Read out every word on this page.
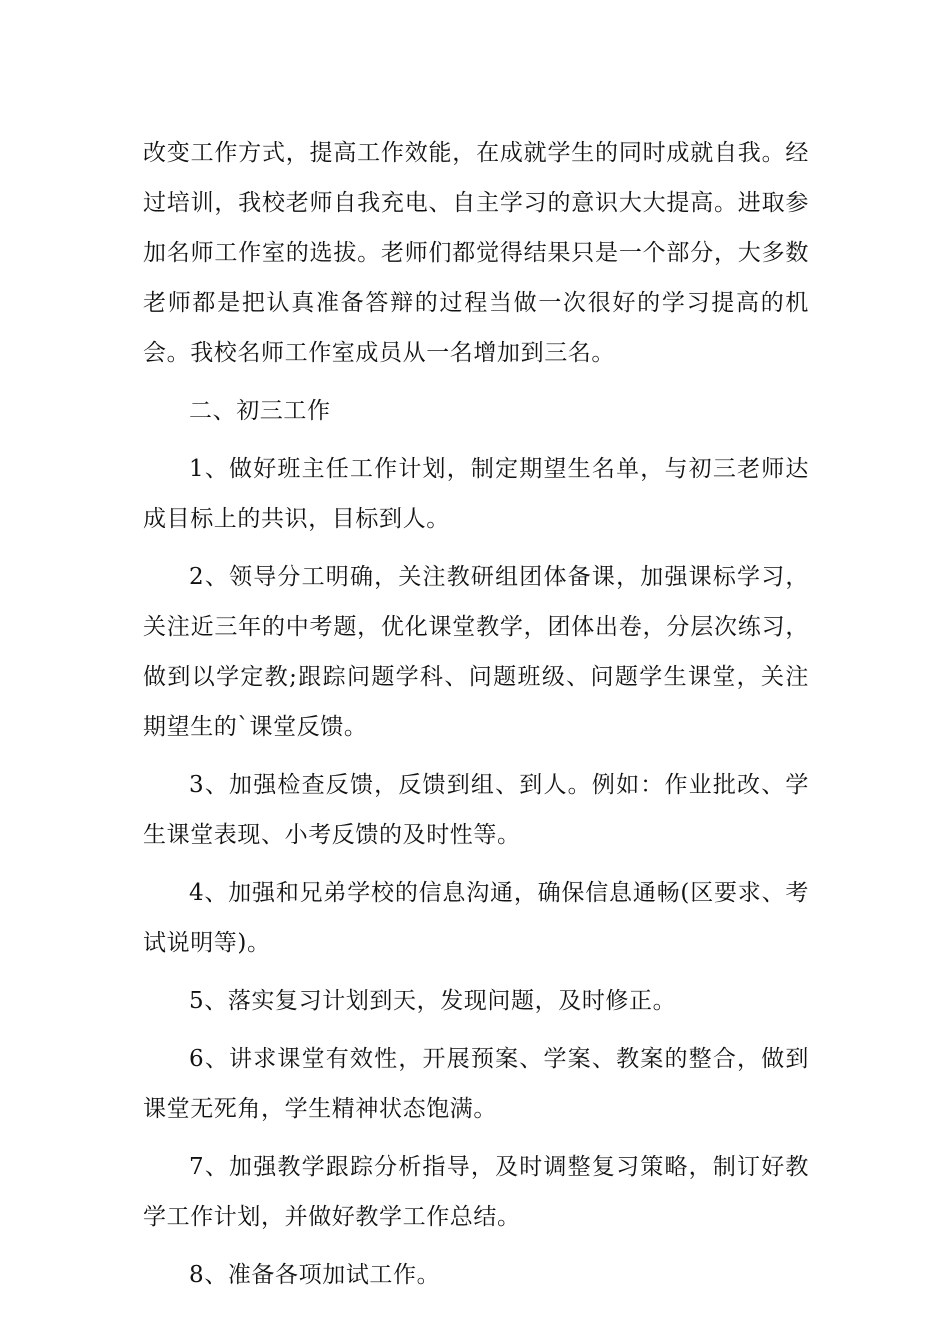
改变工作方式，提高工作效能，在成就学生的同时成就自我。经过培训，我校老师自我充电、自主学习的意识大大提高。进取参加名师工作室的选拔。老师们都觉得结果只是一个部分，大多数老师都是把认真准备答辩的过程当做一次很好的学习提高的机会。我校名师工作室成员从一名增加到三名。

二、初三工作

1、做好班主任工作计划，制定期望生名单，与初三老师达成目标上的共识，目标到人。

2、领导分工明确，关注教研组团体备课，加强课标学习，关注近三年的中考题，优化课堂教学，团体出卷，分层次练习，做到以学定教;跟踪问题学科、问题班级、问题学生课堂，关注期望生的`课堂反馈。

3、加强检查反馈，反馈到组、到人。例如：作业批改、学生课堂表现、小考反馈的及时性等。

4、加强和兄弟学校的信息沟通，确保信息通畅(区要求、考试说明等)。

5、落实复习计划到天，发现问题，及时修正。

6、讲求课堂有效性，开展预案、学案、教案的整合，做到课堂无死角，学生精神状态饱满。

7、加强教学跟踪分析指导，及时调整复习策略，制订好教学工作计划，并做好教学工作总结。

8、准备各项加试工作。
